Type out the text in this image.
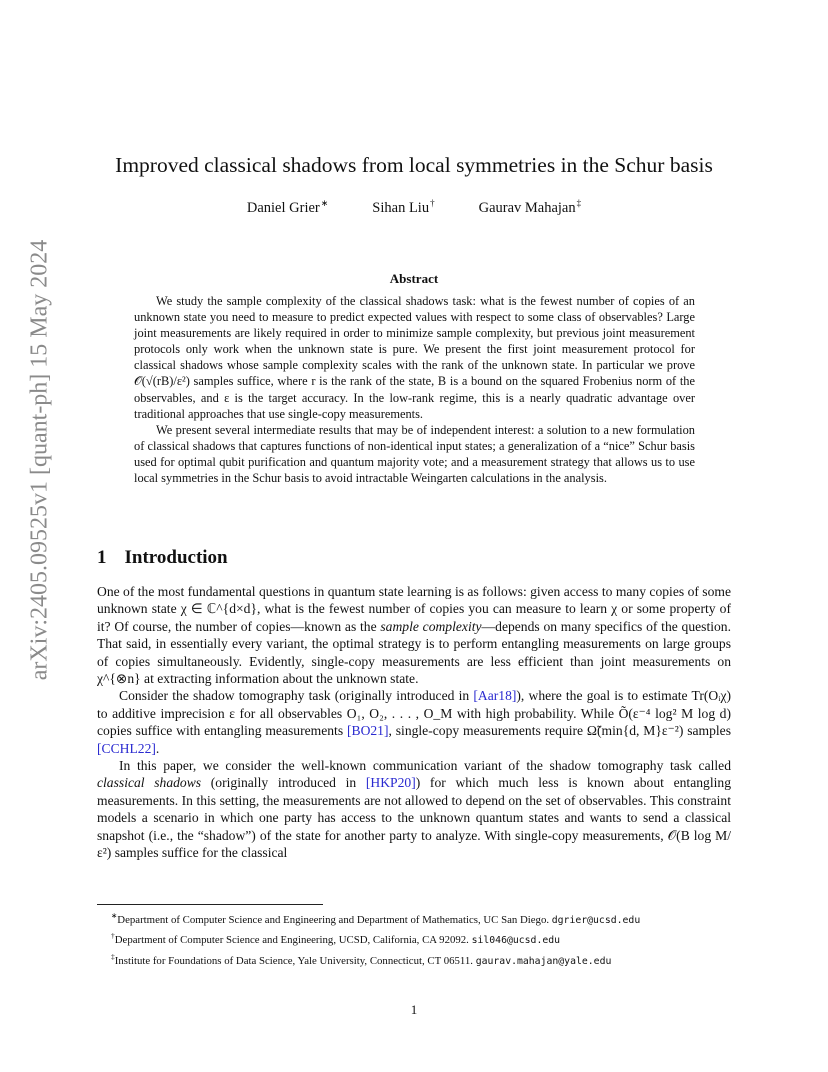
arXiv:2405.09525v1 [quant-ph] 15 May 2024
Improved classical shadows from local symmetries in the Schur basis
Daniel Grier∗	Sihan Liu†	Gaurav Mahajan‡
Abstract

We study the sample complexity of the classical shadows task: what is the fewest number of copies of an unknown state you need to measure to predict expected values with respect to some class of observables? Large joint measurements are likely required in order to minimize sample complexity, but previous joint measurement protocols only work when the unknown state is pure. We present the first joint measurement protocol for classical shadows whose sample complexity scales with the rank of the unknown state. In particular we prove 𝒪(√(rB)/ε²) samples suffice, where r is the rank of the state, B is a bound on the squared Frobenius norm of the observables, and ε is the target accuracy. In the low-rank regime, this is a nearly quadratic advantage over traditional approaches that use single-copy measurements.

We present several intermediate results that may be of independent interest: a solution to a new formulation of classical shadows that captures functions of non-identical input states; a generalization of a “nice” Schur basis used for optimal qubit purification and quantum majority vote; and a measurement strategy that allows us to use local symmetries in the Schur basis to avoid intractable Weingarten calculations in the analysis.

1 Introduction

One of the most fundamental questions in quantum state learning is as follows: given access to many copies of some unknown state χ ∈ ℂ^{d×d}, what is the fewest number of copies you can measure to learn χ or some property of it? Of course, the number of copies—known as the sample complexity—depends on many specifics of the question. That said, in essentially every variant, the optimal strategy is to perform entangling measurements on large groups of copies simultaneously. Evidently, single-copy measurements are less efficient than joint measurements on χ^{⊗n} at extracting information about the unknown state.

Consider the shadow tomography task (originally introduced in [Aar18]), where the goal is to estimate Tr(Oᵢχ) to additive imprecision ε for all observables O₁, O₂, . . . , O_M with high probability. While Õ(ε⁻⁴ log² M log d) copies suffice with entangling measurements [BO21], single-copy measurements require Ω̃(min{d, M}ε⁻²) samples [CCHL22].

In this paper, we consider the well-known communication variant of the shadow tomography task called classical shadows (originally introduced in [HKP20]) for which much less is known about entangling measurements. In this setting, the measurements are not allowed to depend on the set of observables. This constraint models a scenario in which one party has access to the unknown quantum states and wants to send a classical snapshot (i.e., the “shadow”) of the state for another party to analyze. With single-copy measurements, 𝒪(B log M/ε²) samples suffice for the classical

∗Department of Computer Science and Engineering and Department of Mathematics, UC San Diego. dgrier@ucsd.edu

†Department of Computer Science and Engineering, UCSD, California, CA 92092. sil046@ucsd.edu

‡Institute for Foundations of Data Science, Yale University, Connecticut, CT 06511. gaurav.mahajan@yale.edu

1
